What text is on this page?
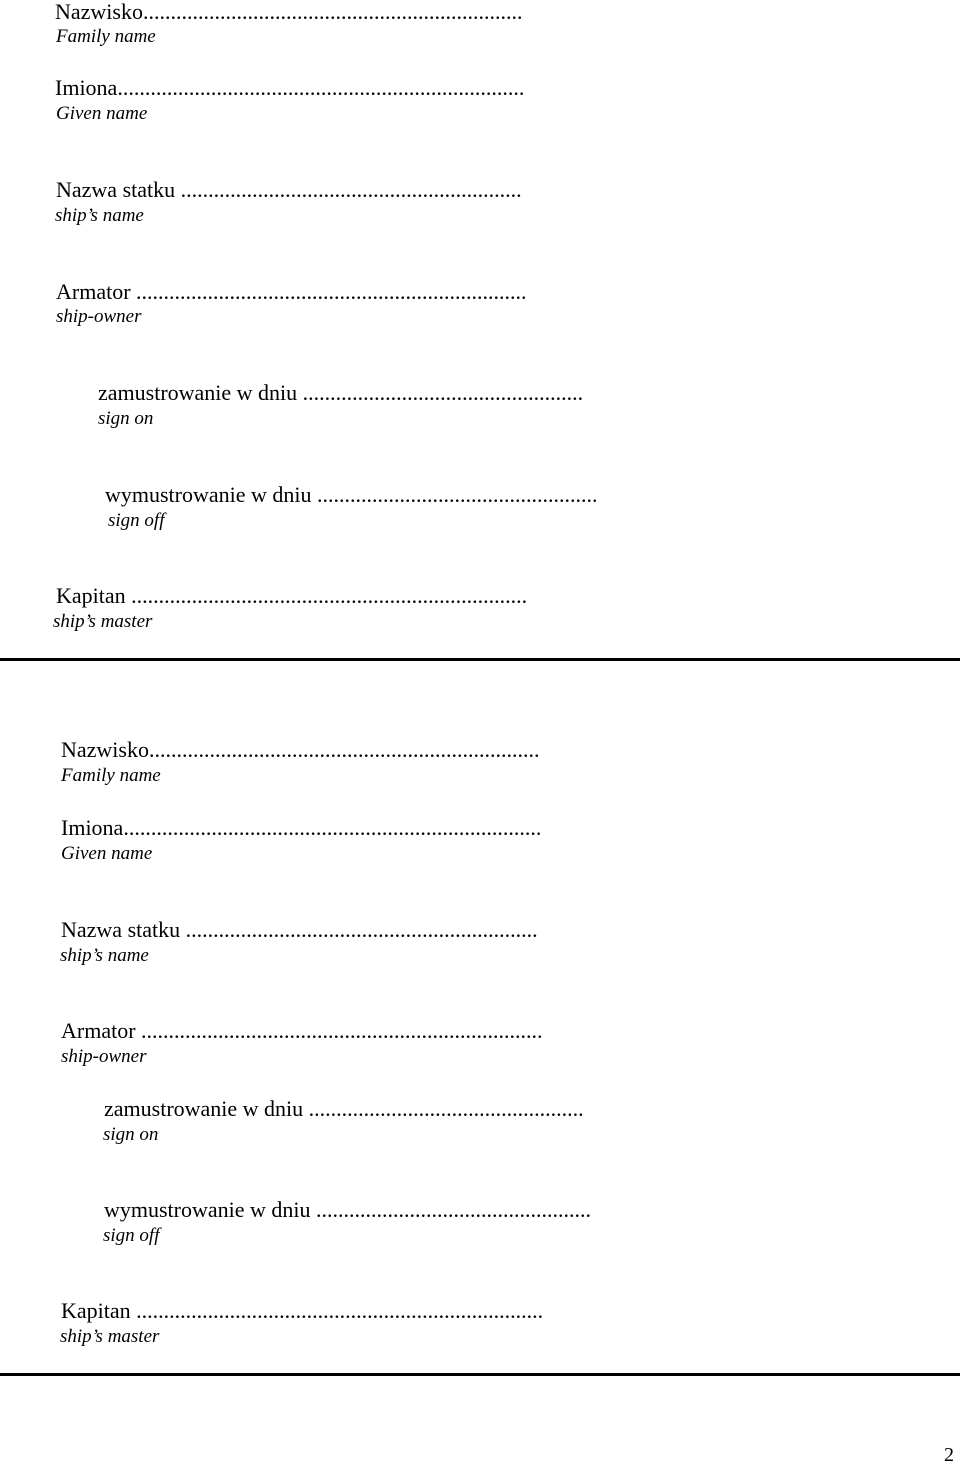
Nazwisko.....................................................................
Family name
Imiona..........................................................................
Given name
Nazwa statku ..............................................................
ship’s name
Armator .......................................................................
ship-owner
zamustrowanie w dniu ...................................................
sign on
wymustrowanie w dniu ...................................................
sign off
Kapitan ........................................................................
ship’s master
Nazwisko.......................................................................
Family name
Imiona............................................................................
Given name
Nazwa statku ................................................................
ship’s name
Armator .........................................................................
ship-owner
zamustrowanie w dniu ..................................................
sign on
wymustrowanie w dniu ..................................................
sign off
Kapitan ..........................................................................
ship’s master
2
